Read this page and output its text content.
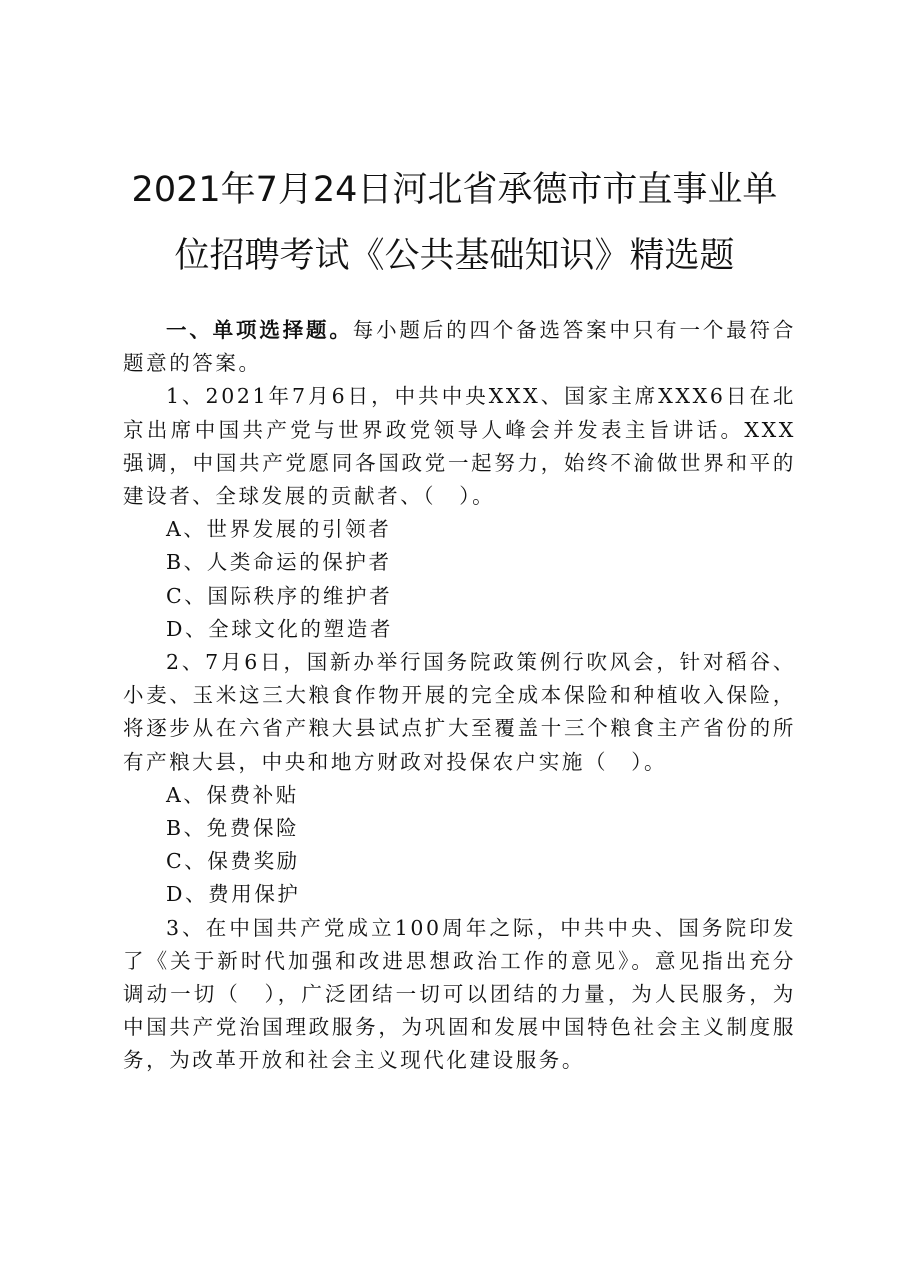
2021年7月24日河北省承德市市直事业单
位招聘考试《公共基础知识》精选题

一、单项选择题。每小题后的四个备选答案中只有一个最符合题意的答案。

1、2021年7月6日，中共中央XXX、国家主席XXX6日在北京出席中国共产党与世界政党领导人峰会并发表主旨讲话。XXX强调，中国共产党愿同各国政党一起努力，始终不渝做世界和平的建设者、全球发展的贡献者、（　）。

A、世界发展的引领者

B、人类命运的保护者

C、国际秩序的维护者

D、全球文化的塑造者

2、7月6日，国新办举行国务院政策例行吹风会，针对稻谷、小麦、玉米这三大粮食作物开展的完全成本保险和种植收入保险，将逐步从在六省产粮大县试点扩大至覆盖十三个粮食主产省份的所有产粮大县，中央和地方财政对投保农户实施（　）。

A、保费补贴

B、免费保险

C、保费奖励

D、费用保护

3、在中国共产党成立100周年之际，中共中央、国务院印发了《关于新时代加强和改进思想政治工作的意见》。意见指出充分调动一切（　），广泛团结一切可以团结的力量，为人民服务，为中国共产党治国理政服务，为巩固和发展中国特色社会主义制度服务，为改革开放和社会主义现代化建设服务。
